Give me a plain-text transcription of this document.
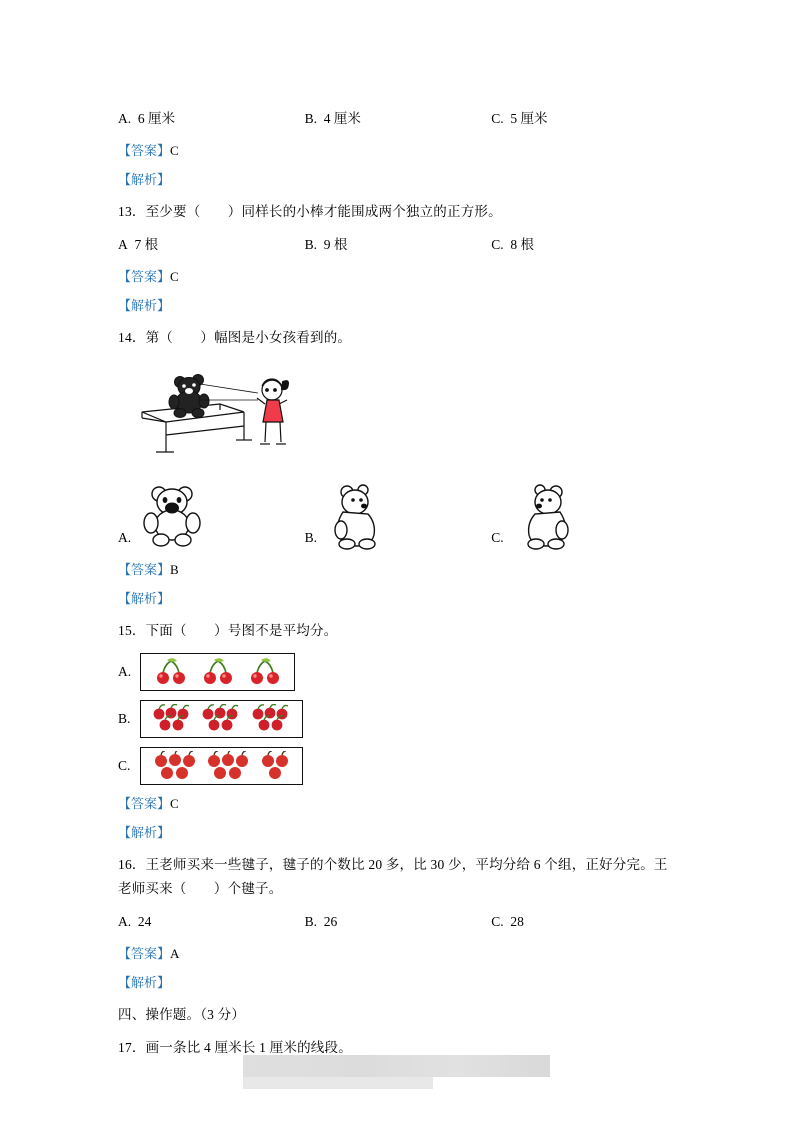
A. 6 厘米	B. 4 厘米	C. 5 厘米
【答案】C
【解析】
13．至少要（　　）同样长的小棒才能围成两个独立的正方形。
A 7 根	B. 9 根	C. 8 根
【答案】C
【解析】
14．第（　　）幅图是小女孩看到的。
A.	B.	C.
【答案】B
【解析】
15．下面（　　）号图不是平均分。
A.
B.
C.
【答案】C
【解析】
16．王老师买来一些毽子，毽子的个数比 20 多，比 30 少，平均分给 6 个组，正好分完。王
老师买来（　　）个毽子。
A. 24	B. 26	C. 28
【答案】A
【解析】
四、操作题。（3 分）
17．画一条比 4 厘米长 1 厘米的线段。
